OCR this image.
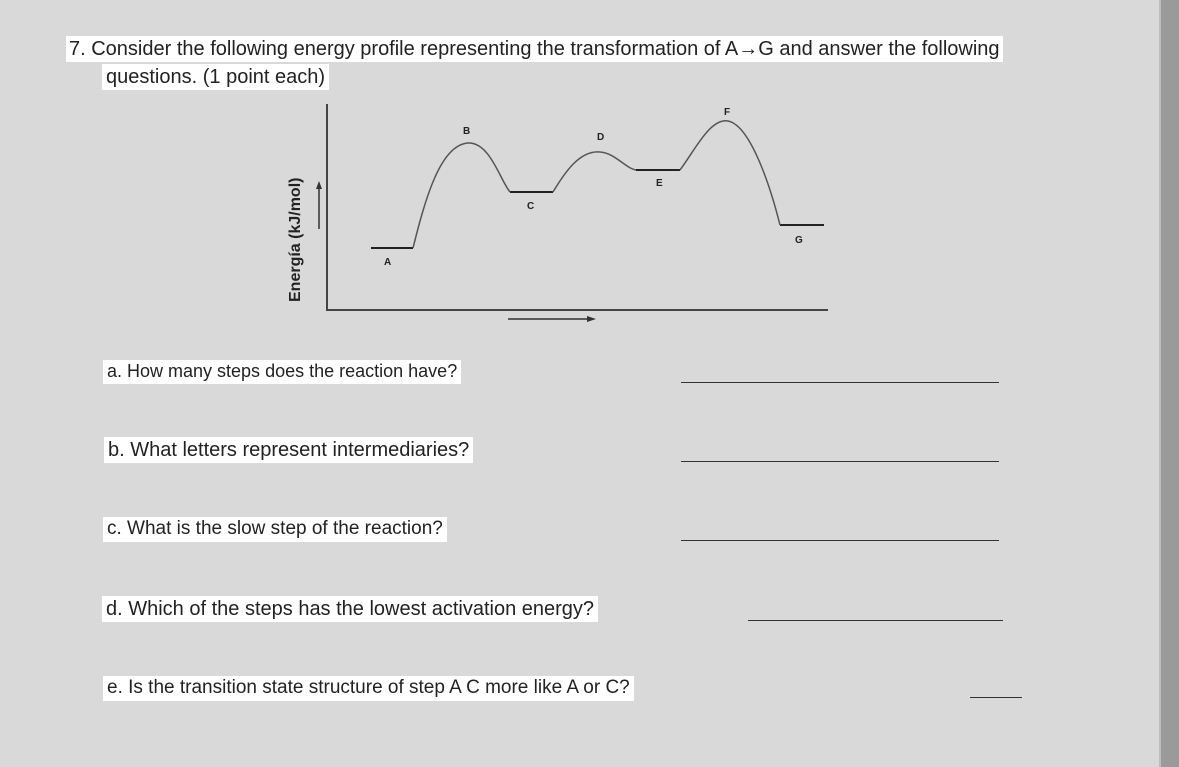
7. Consider the following energy profile representing the transformation of A→G and answer the following
questions. (1 point each)
Energía (kJ/mol)	A
B
C
D
E
F
G
a. How many steps does the reaction have?
b. What letters represent intermediaries?
c. What is the slow step of the reaction?
d. Which of the steps has the lowest activation energy?
e. Is the transition state structure of step A C more like A or C?
